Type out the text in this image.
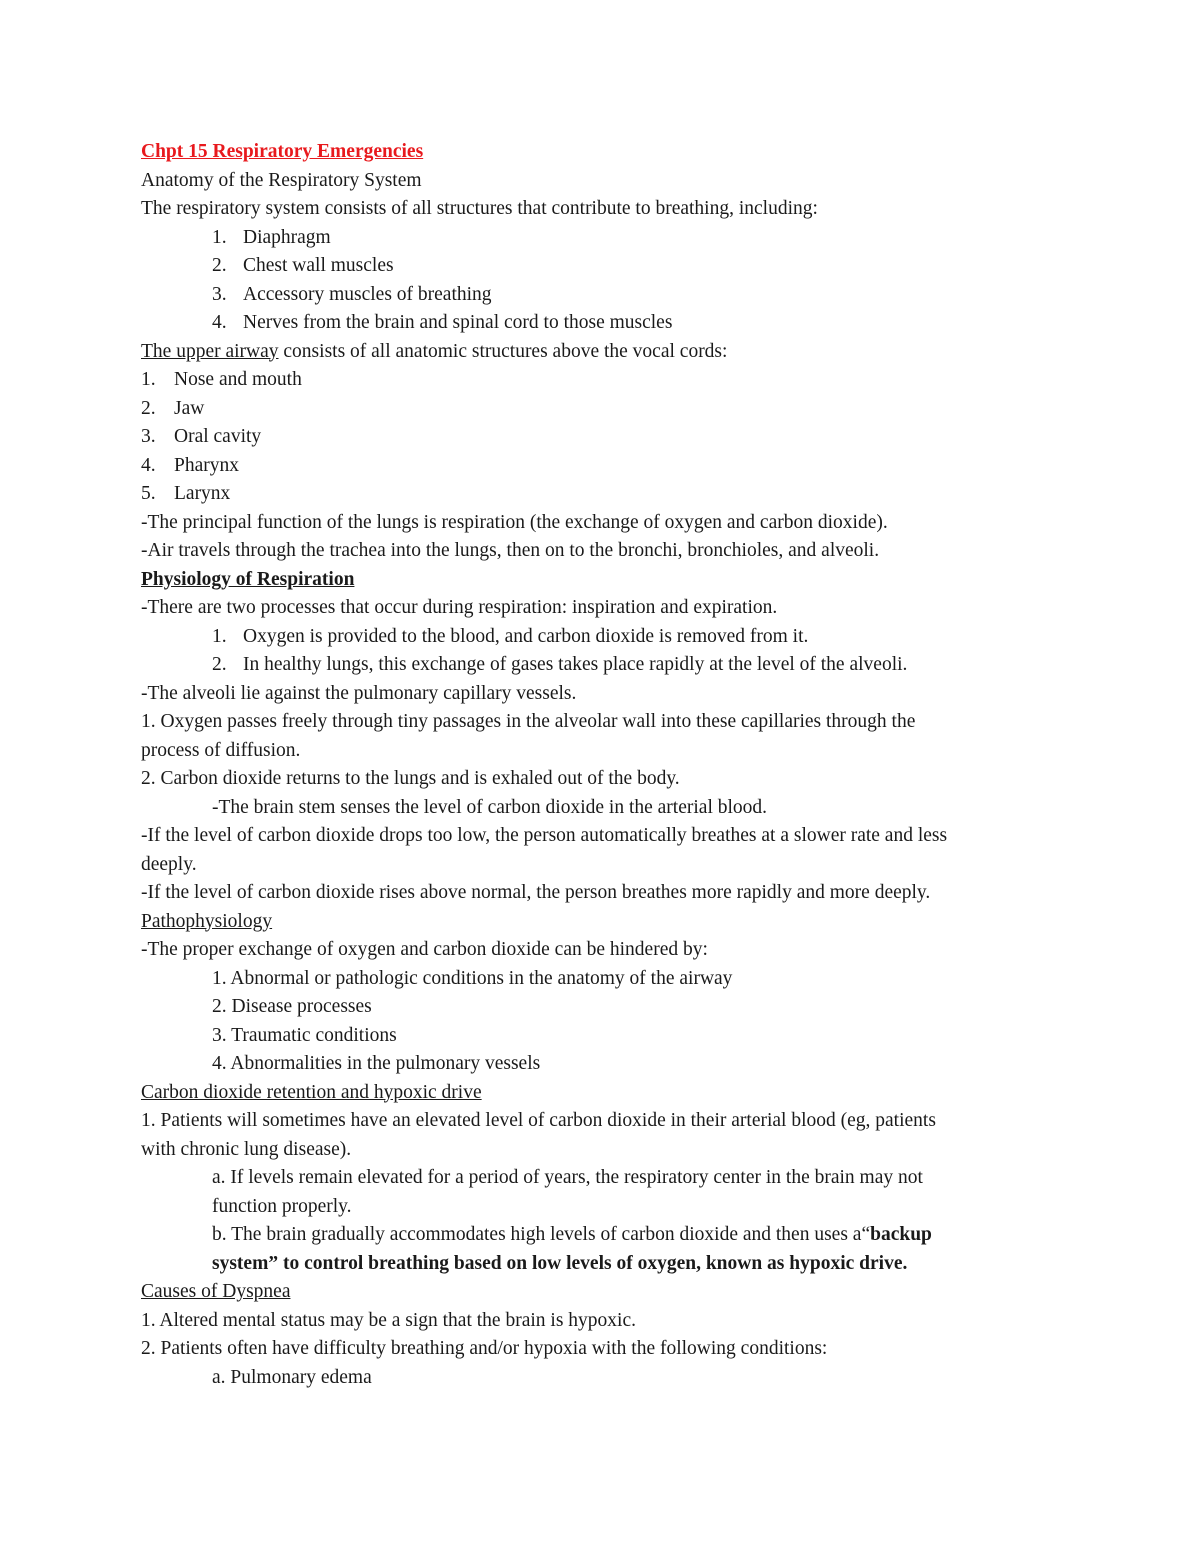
Chpt 15 Respiratory Emergencies
Anatomy of the Respiratory System
The respiratory system consists of all structures that contribute to breathing, including:
1. Diaphragm
2. Chest wall muscles
3. Accessory muscles of breathing
4. Nerves from the brain and spinal cord to those muscles
The upper airway consists of all anatomic structures above the vocal cords:
1. Nose and mouth
2. Jaw
3. Oral cavity
4. Pharynx
5. Larynx
-The principal function of the lungs is respiration (the exchange of oxygen and carbon dioxide).
-Air travels through the trachea into the lungs, then on to the bronchi, bronchioles, and alveoli.
Physiology of Respiration
-There are two processes that occur during respiration: inspiration and expiration.
1. Oxygen is provided to the blood, and carbon dioxide is removed from it.
2. In healthy lungs, this exchange of gases takes place rapidly at the level of the alveoli.
-The alveoli lie against the pulmonary capillary vessels.
1. Oxygen passes freely through tiny passages in the alveolar wall into these capillaries through the
process of diffusion.
2. Carbon dioxide returns to the lungs and is exhaled out of the body.
-The brain stem senses the level of carbon dioxide in the arterial blood.
-If the level of carbon dioxide drops too low, the person automatically breathes at a slower rate and less
deeply.
-If the level of carbon dioxide rises above normal, the person breathes more rapidly and more deeply.
Pathophysiology
-The proper exchange of oxygen and carbon dioxide can be hindered by:
1. Abnormal or pathologic conditions in the anatomy of the airway
2. Disease processes
3. Traumatic conditions
4. Abnormalities in the pulmonary vessels
Carbon dioxide retention and hypoxic drive
1. Patients will sometimes have an elevated level of carbon dioxide in their arterial blood (eg, patients
with chronic lung disease).
a. If levels remain elevated for a period of years, the respiratory center in the brain may not
function properly.
b. The brain gradually accommodates high levels of carbon dioxide and then uses a“backup
system” to control breathing based on low levels of oxygen, known as hypoxic drive.
Causes of Dyspnea
1. Altered mental status may be a sign that the brain is hypoxic.
2. Patients often have difficulty breathing and/or hypoxia with the following conditions:
a. Pulmonary edema
